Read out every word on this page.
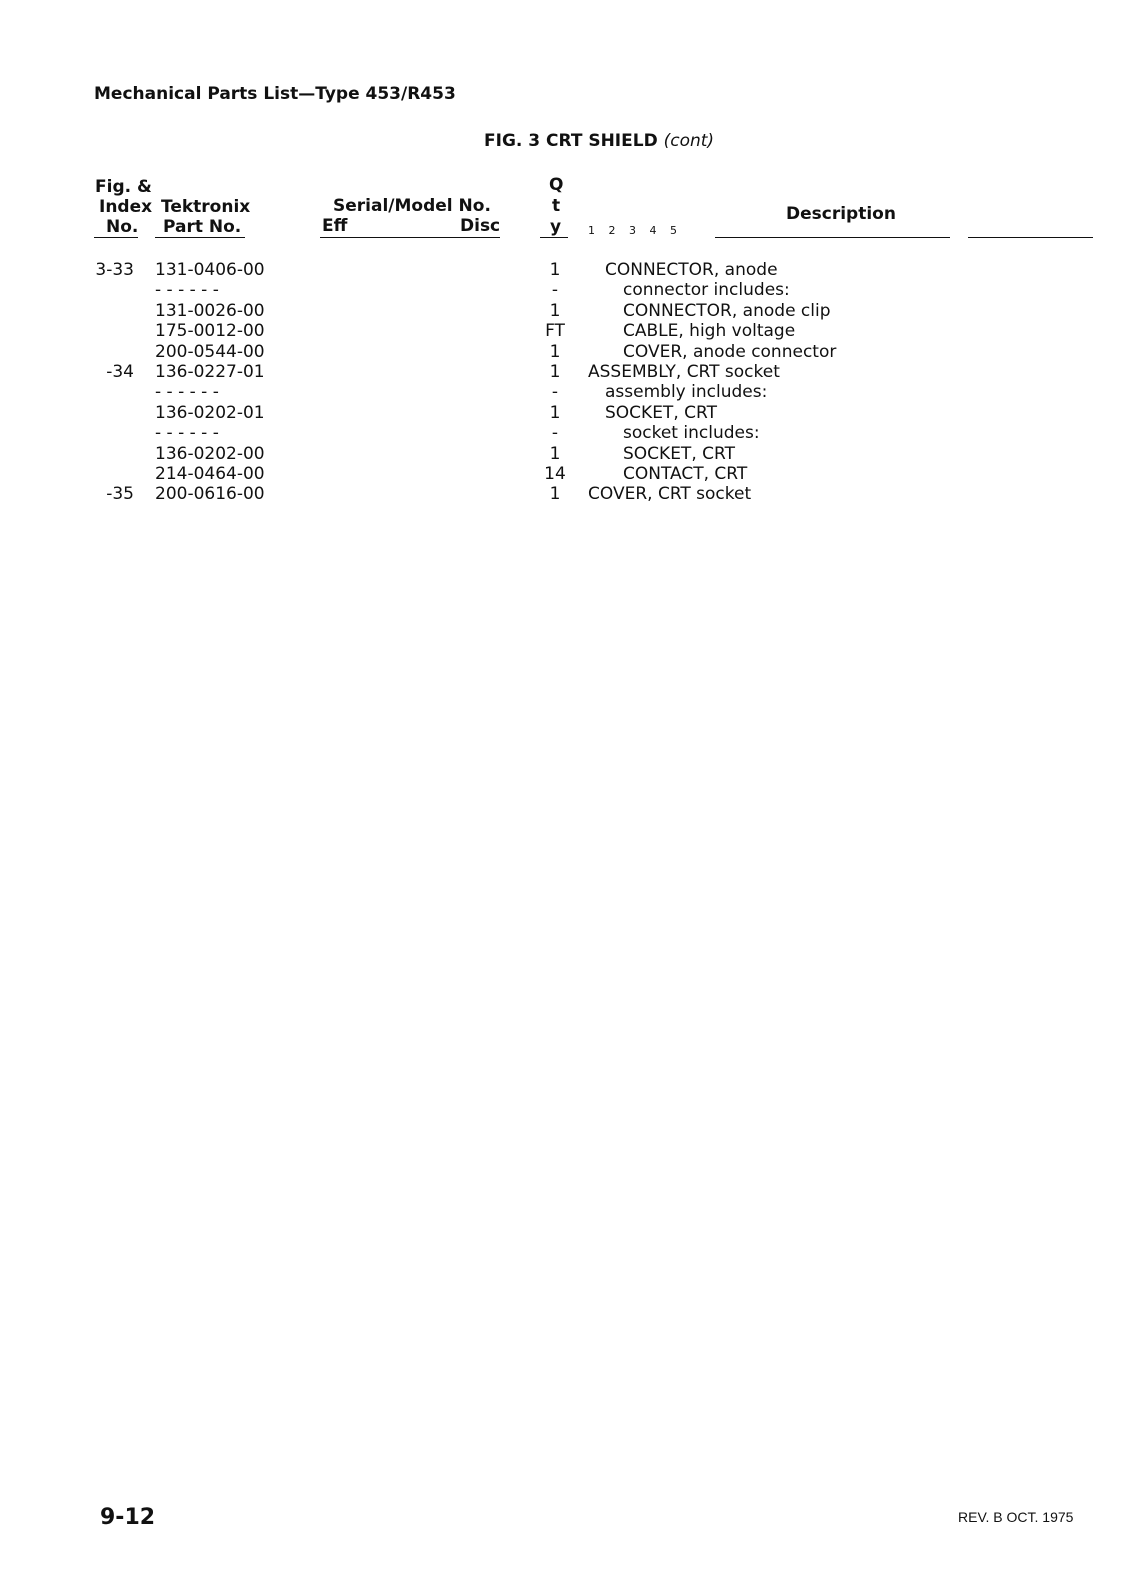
Mechanical Parts List—Type 453/R453
FIG. 3 CRT SHIELD (cont)
Fig. &
Index
No.
Tektronix
Part No.
Serial/Model No.
Eff	Disc
Q
t
y 1 2 3 4 5
Description
3-33 131-0406-00	1	CONNECTOR, anode
- - - - - -	-	connector includes:
131-0026-00	1	CONNECTOR, anode clip
175-0012-00	FT	CABLE, high voltage
200-0544-00	1	COVER, anode connector
-34 136-0227-01	1	ASSEMBLY, CRT socket
- - - - - -	-	assembly includes:
136-0202-01	1	SOCKET, CRT
- - - - - -	-	socket includes:
136-0202-00	1	SOCKET, CRT
214-0464-00	14	CONTACT, CRT
-35 200-0616-00	1	COVER, CRT socket
9-12	REV. B OCT. 1975
